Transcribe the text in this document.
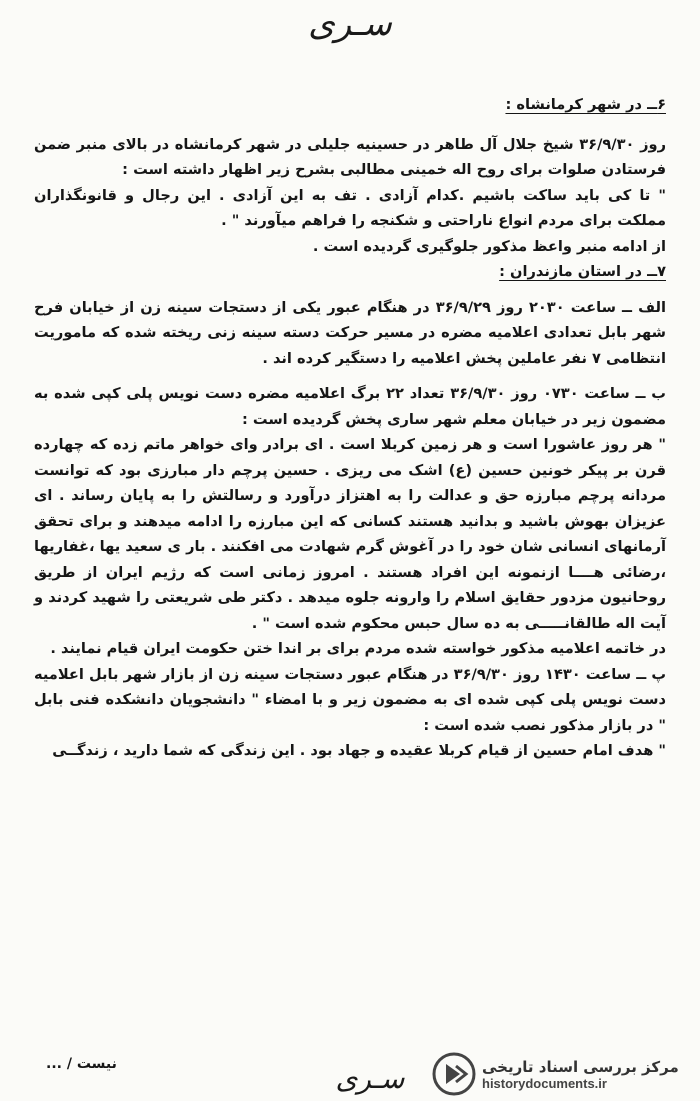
سـری

۶ــ در شهر کرمانشاه :

روز ۳۶/۹/۳۰ شیخ جلال آل طاهر در حسینیه جلیلی در شهر کرمانشاه در بالای منبر ضمن فرستادن صلوات برای روح اله خمینی مطالبی بشرح زیر اظهار داشته است :

" تا کی باید ساکت باشیم .کدام آزادی . تف به این آزادی . این رجال و قانونگذاران مملکت برای مردم انواع ناراحتی و شکنجه را فراهم میآورند " .

از ادامه منبر واعظ مذکور جلوگیری گردیده است .

۷ــ در استان مازندران :

الف ــ ساعت ۲۰۳۰ روز ۳۶/۹/۲۹ در هنگام عبور یکی از دستجات سینه زن از خیابان فرح شهر بابل تعدادی اعلامیه مضره در مسیر حرکت دسته سینه زنی ریخته شده که ماموریت انتظامی ۷ نفر عاملین پخش اعلامیه را دستگیر کرده اند .

ب ــ ساعت ۰۷۳۰ روز ۳۶/۹/۳۰ تعداد ۲۲ برگ اعلامیه مضره دست نویس پلی کپی شده به مضمون زیر در خیابان معلم شهر ساری پخش گردیده است :

" هر روز عاشورا است و هر زمین کربلا است . ای برادر وای خواهر ماتم زده که چهارده قرن بر پیکر خونین حسین (ع) اشک می ریزی . حسین پرچم دار مبارزی بود که توانست مردانه پرچم مبارزه حق و عدالت را به اهتزاز درآورد و رسالتش را به پایان رساند . ای عزیزان بهوش باشید و بدانید هستند کسانی که این مبارزه را ادامه میدهند و برای تحقق آرمانهای انسانی شان خود را در آغوش گرم شهادت می افکنند . بار ی سعید یها ،غفاریها ،رضائی هــــا ازنمونه این افراد هستند . امروز زمانی است که رژیم ایران از طریق روحانیون مزدور حقایق اسلام را وارونه جلوه میدهد . دکتر طی شریعتی را شهید کردند و آیت اله طالقانـــــی به ده سال حبس محکوم شده است " .

در خاتمه اعلامیه مذکور خواسته شده مردم برای بر اندا ختن حکومت ایران قیام نمایند .

پ ــ ساعت ۱۴۳۰ روز ۳۶/۹/۳۰ در هنگام عبور دستجات سینه زن از بازار شهر بابل اعلامیه دست نویس پلی کپی شده ای به مضمون زیر و با امضاء " دانشجویان دانشکده فنی بابل " در بازار مذکور نصب شده است :

" هدف امام حسین از قیام کربلا عقیده و جهاد بود . این زندگی که شما دارید ، زندگــی

نیست / ...	سـری	مرکز بررسی اسناد تاریخی
historydocuments.ir
